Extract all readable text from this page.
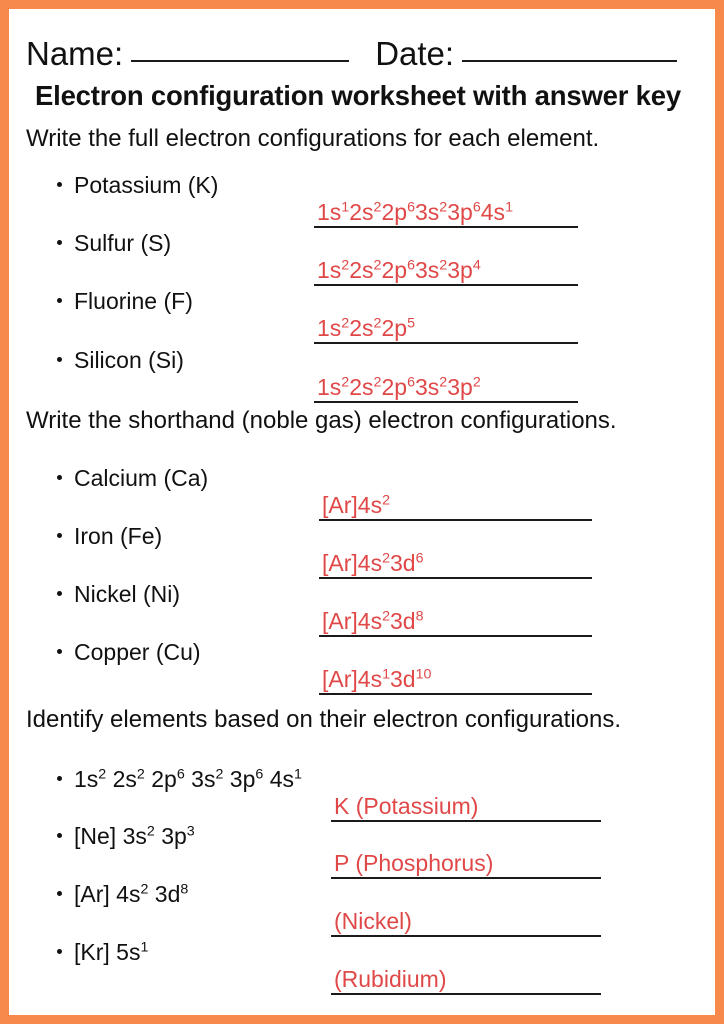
Name:	Date:
Electron configuration worksheet with answer key
Write the full electron configurations for each element.
Potassium (K)
$1s^12s^22p^63s^23p^64s^1$
Sulfur (S)
$1s^22s^22p^63s^23p^4$
Fluorine (F)
$1s^22s^22p^5$
Silicon (Si)
$1s^22s^22p^63s^23p^2$
Write the shorthand (noble gas) electron configurations.
Calcium (Ca)
$[Ar]4s^2$
Iron (Fe)
$[Ar]4s^23d^6$
Nickel (Ni)
$[Ar]4s^23d^8$
Copper (Cu)
$[Ar]4s^13d^{10}$
Identify elements based on their electron configurations.
$1s^2$ $2s^2$ $2p^6$ $3s^2$ $3p^6$ $4s^1$
K (Potassium)
[Ne] $3s^2$ $3p^3$
P (Phosphorus)
[Ar] $4s^2$ $3d^8$
(Nickel)
[Kr] $5s^1$
(Rubidium)
